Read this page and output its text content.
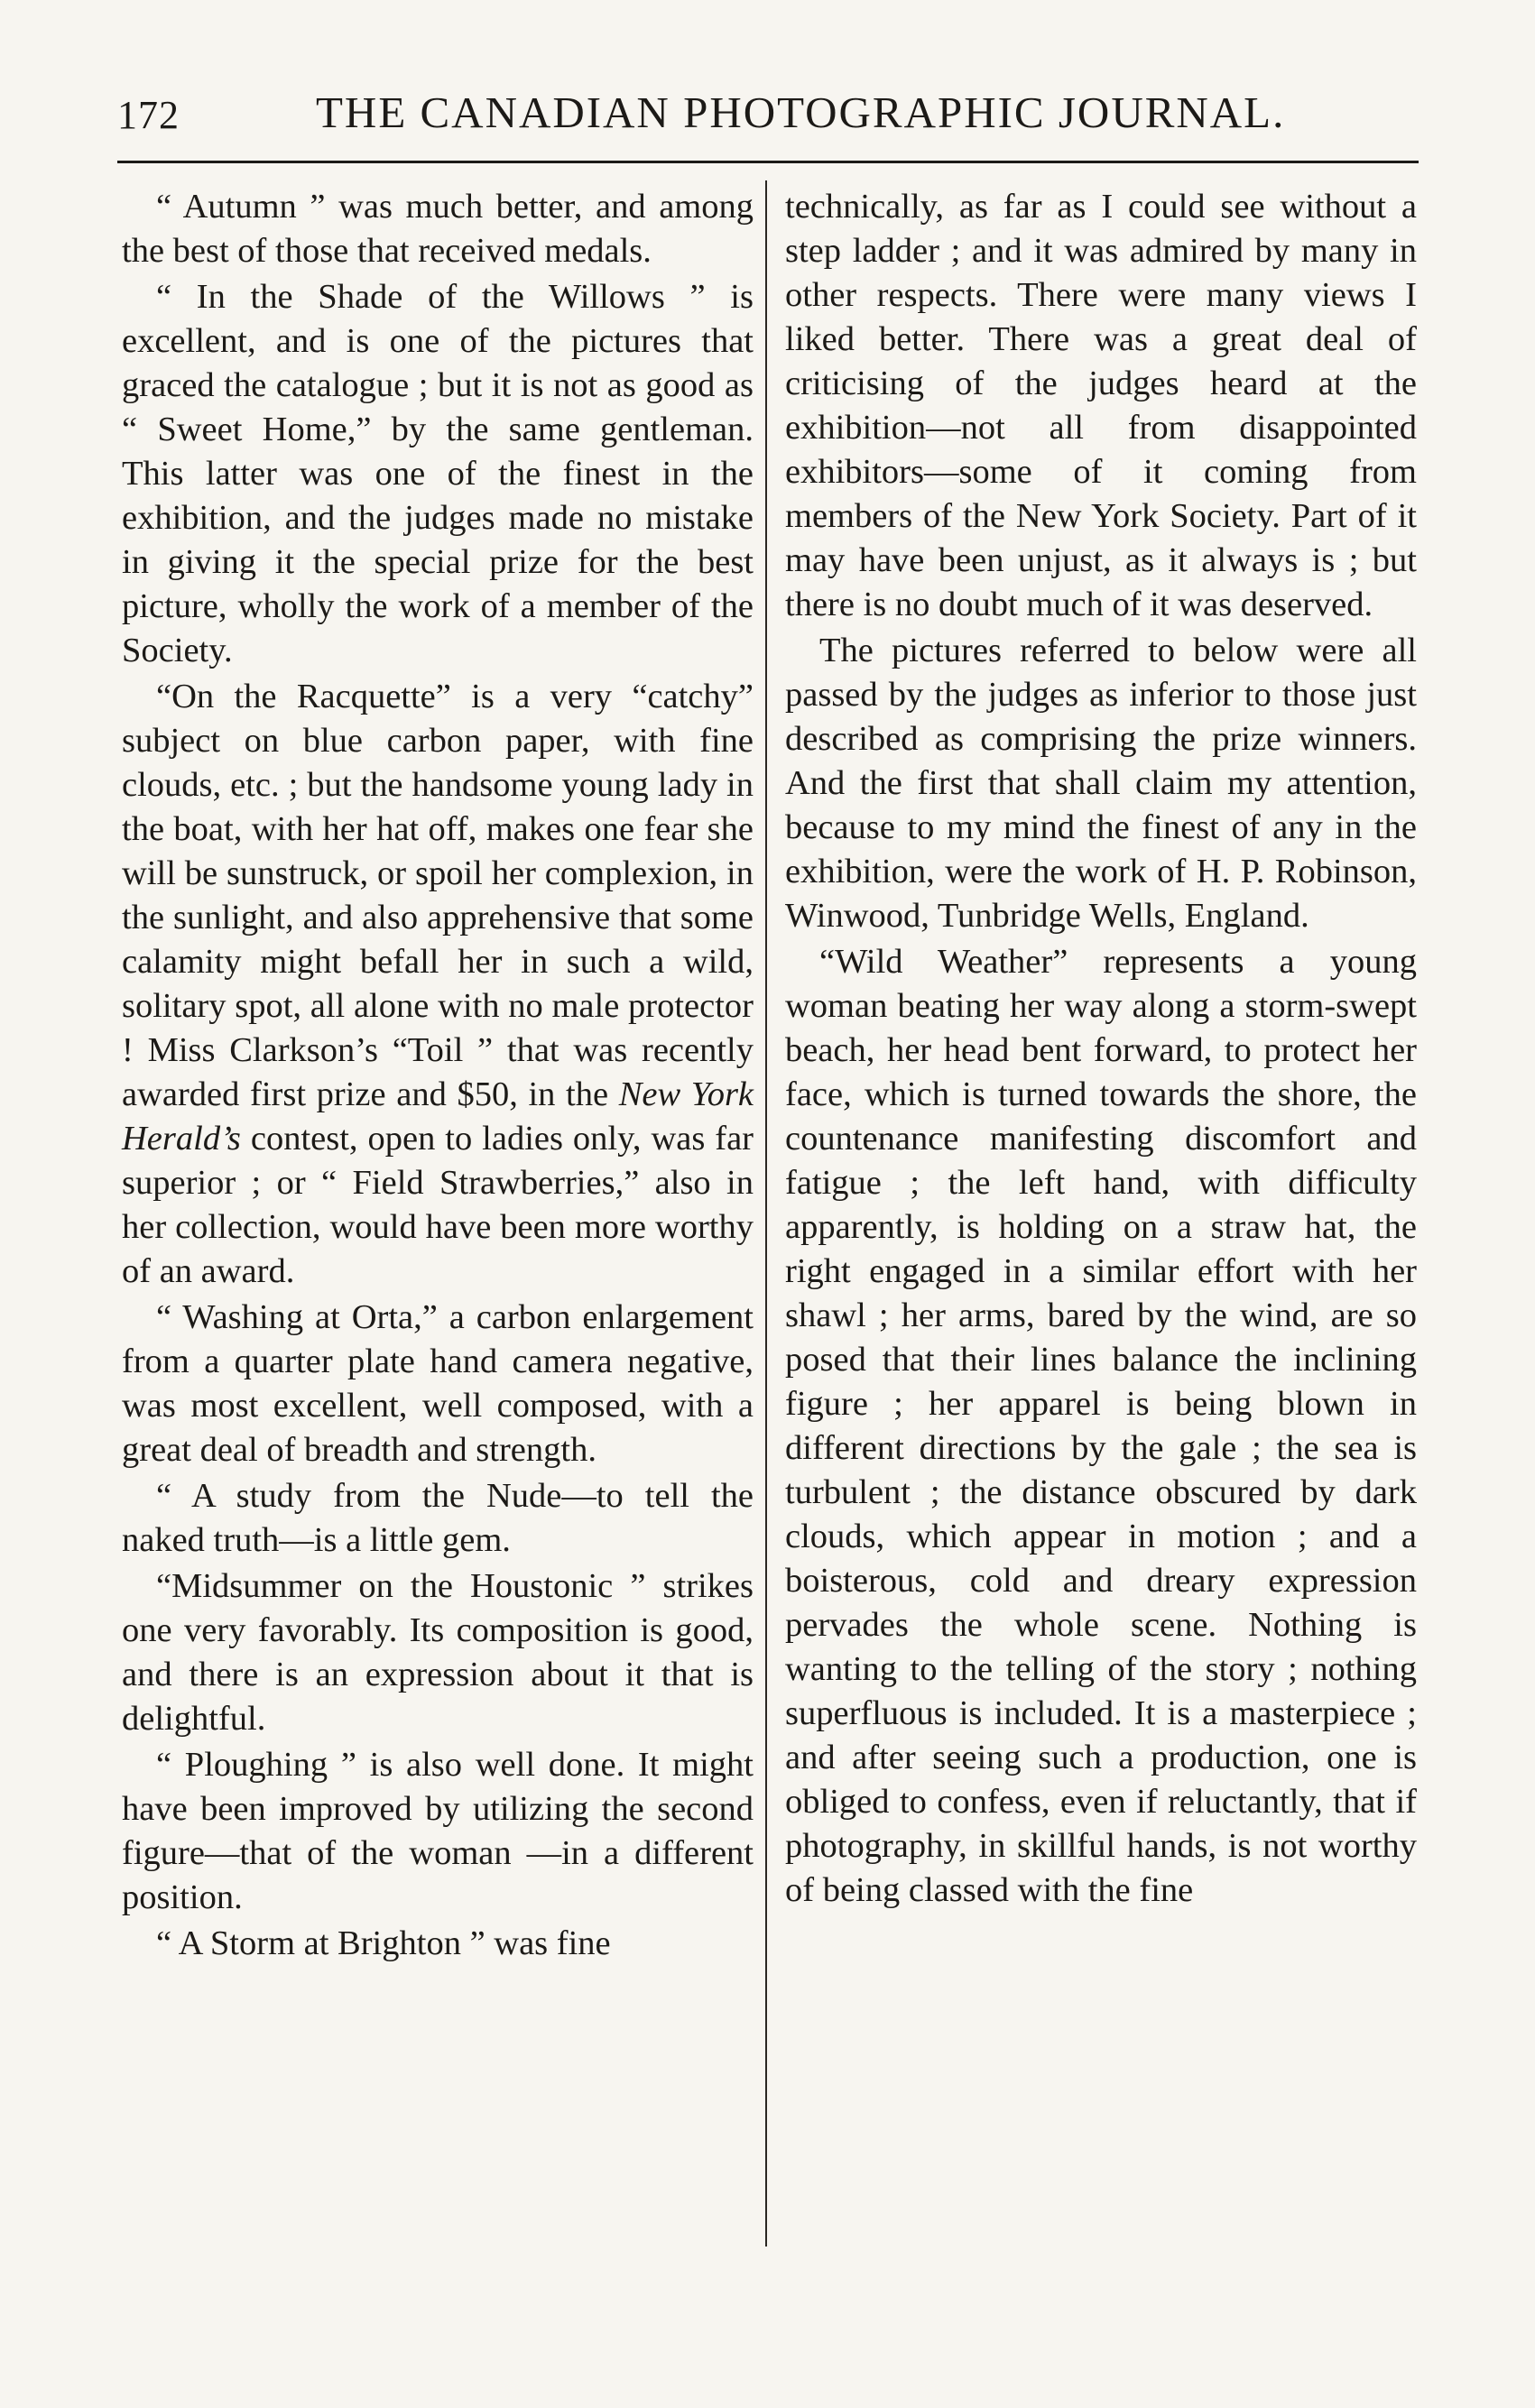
172	THE CANADIAN PHOTOGRAPHIC JOURNAL.

“ Autumn ” was much better, and among the best of those that received medals.

“ In the Shade of the Willows ” is excellent, and is one of the pictures that graced the catalogue ; but it is not as good as “ Sweet Home,” by the same gentleman. This latter was one of the finest in the exhibition, and the judges made no mistake in giving it the special prize for the best picture, wholly the work of a member of the Society.

“On the Racquette” is a very “catchy” subject on blue carbon paper, with fine clouds, etc. ; but the handsome young lady in the boat, with her hat off, makes one fear she will be sunstruck, or spoil her complexion, in the sunlight, and also apprehensive that some calamity might befall her in such a wild, solitary spot, all alone with no male protector ! Miss Clarkson’s “Toil ” that was recently awarded first prize and $50, in the New York Herald’s contest, open to ladies only, was far superior ; or “ Field Strawberries,” also in her collection, would have been more worthy of an award.

“ Washing at Orta,” a carbon enlargement from a quarter plate hand camera negative, was most excellent, well composed, with a great deal of breadth and strength.

“ A study from the Nude—to tell the naked truth—is a little gem.

“Midsummer on the Houstonic ” strikes one very favorably. Its composition is good, and there is an expression about it that is delightful.

“ Ploughing ” is also well done. It might have been improved by utilizing the second figure—that of the woman —in a different position.

“ A Storm at Brighton ” was fine

technically, as far as I could see without a step ladder ; and it was admired by many in other respects. There were many views I liked better. There was a great deal of criticising of the judges heard at the exhibition—not all from disappointed exhibitors—some of it coming from members of the New York Society. Part of it may have been unjust, as it always is ; but there is no doubt much of it was deserved.

The pictures referred to below were all passed by the judges as inferior to those just described as comprising the prize winners. And the first that shall claim my attention, because to my mind the finest of any in the exhibition, were the work of H. P. Robinson, Winwood, Tunbridge Wells, England.

“Wild Weather” represents a young woman beating her way along a storm-swept beach, her head bent forward, to protect her face, which is turned towards the shore, the countenance manifesting discomfort and fatigue ; the left hand, with difficulty apparently, is holding on a straw hat, the right engaged in a similar effort with her shawl ; her arms, bared by the wind, are so posed that their lines balance the inclining figure ; her apparel is being blown in different directions by the gale ; the sea is turbulent ; the distance obscured by dark clouds, which appear in motion ; and a boisterous, cold and dreary expression pervades the whole scene. Nothing is wanting to the telling of the story ; nothing superfluous is included. It is a masterpiece ; and after seeing such a production, one is obliged to confess, even if reluctantly, that if photography, in skillful hands, is not worthy of being classed with the fine
